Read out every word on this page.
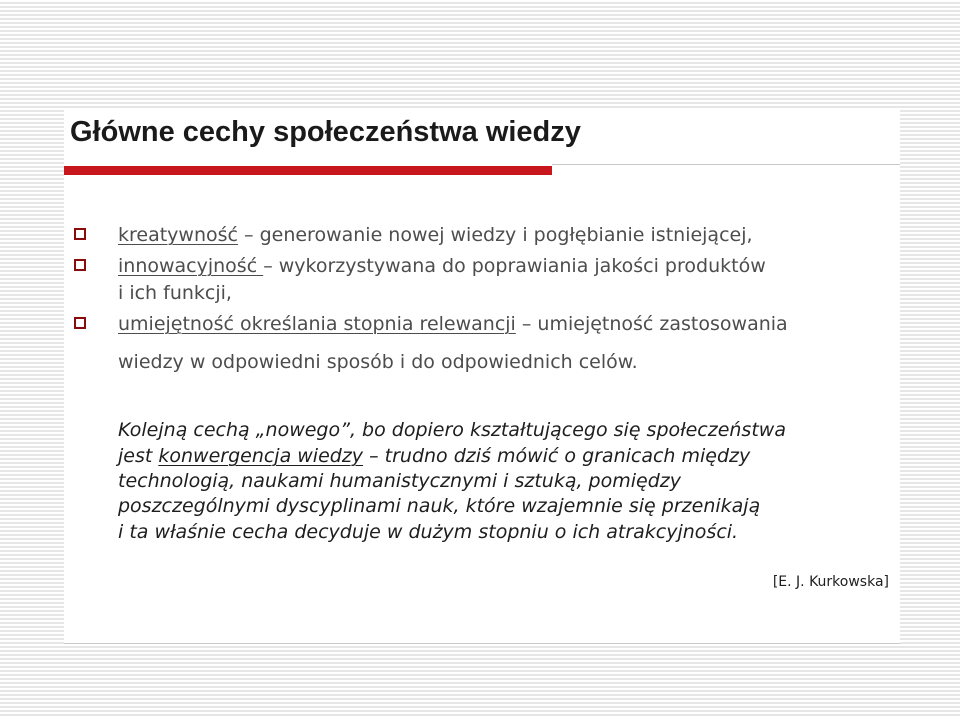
Główne cechy społeczeństwa wiedzy
kreatywność – generowanie nowej wiedzy i pogłębianie istniejącej,
innowacyjność – wykorzystywana do poprawiania jakości produktów
i ich funkcji,
umiejętność określania stopnia relewancji – umiejętność zastosowania
wiedzy w odpowiedni sposób i do odpowiednich celów.
Kolejną cechą „nowego”, bo dopiero kształtującego się społeczeństwa
jest konwergencja wiedzy – trudno dziś mówić o granicach między
technologią, naukami humanistycznymi i sztuką, pomiędzy
poszczególnymi dyscyplinami nauk, które wzajemnie się przenikają
i ta właśnie cecha decyduje w dużym stopniu o ich atrakcyjności.
[E. J. Kurkowska]
